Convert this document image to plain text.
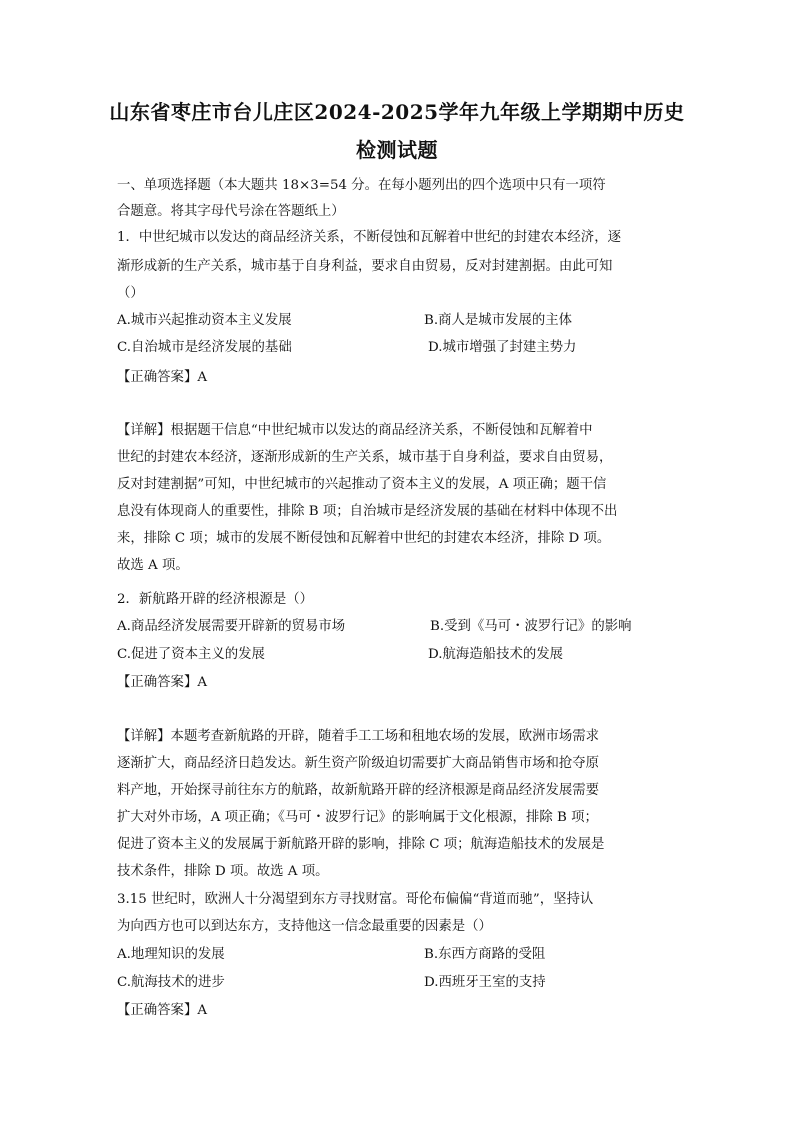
山东省枣庄市台儿庄区2024-2025学年九年级上学期期中历史
检测试题
一、单项选择题（本大题共 18×3=54 分。在每小题列出的四个选项中只有一项符
合题意。将其字母代号涂在答题纸上）
1．中世纪城市以发达的商品经济关系，不断侵蚀和瓦解着中世纪的封建农本经济，逐
渐形成新的生产关系，城市基于自身利益，要求自由贸易，反对封建割据。由此可知
（）
A.城市兴起推动资本主义发展	B.商人是城市发展的主体
C.自治城市是经济发展的基础	D.城市增强了封建主势力
【正确答案】A
【详解】根据题干信息“中世纪城市以发达的商品经济关系，不断侵蚀和瓦解着中
世纪的封建农本经济，逐渐形成新的生产关系，城市基于自身利益，要求自由贸易，
反对封建割据”可知，中世纪城市的兴起推动了资本主义的发展，A 项正确；题干信
息没有体现商人的重要性，排除 B 项；自治城市是经济发展的基础在材料中体现不出
来，排除 C 项；城市的发展不断侵蚀和瓦解着中世纪的封建农本经济，排除 D 项。
故选 A 项。
2．新航路开辟的经济根源是（）
A.商品经济发展需要开辟新的贸易市场	B.受到《马可・波罗行记》的影响
C.促进了资本主义的发展	D.航海造船技术的发展
【正确答案】A
【详解】本题考查新航路的开辟，随着手工工场和租地农场的发展，欧洲市场需求
逐渐扩大，商品经济日趋发达。新生资产阶级迫切需要扩大商品销售市场和抢夺原
料产地，开始探寻前往东方的航路，故新航路开辟的经济根源是商品经济发展需要
扩大对外市场，A 项正确；《马可・波罗行记》的影响属于文化根源，排除 B 项；
促进了资本主义的发展属于新航路开辟的影响，排除 C 项；航海造船技术的发展是
技术条件，排除 D 项。故选 A 项。
3.15 世纪时，欧洲人十分渴望到东方寻找财富。哥伦布偏偏“背道而驰”，坚持认
为向西方也可以到达东方，支持他这一信念最重要的因素是（）
A.地理知识的发展	B.东西方商路的受阻
C.航海技术的进步	D.西班牙王室的支持
【正确答案】A
